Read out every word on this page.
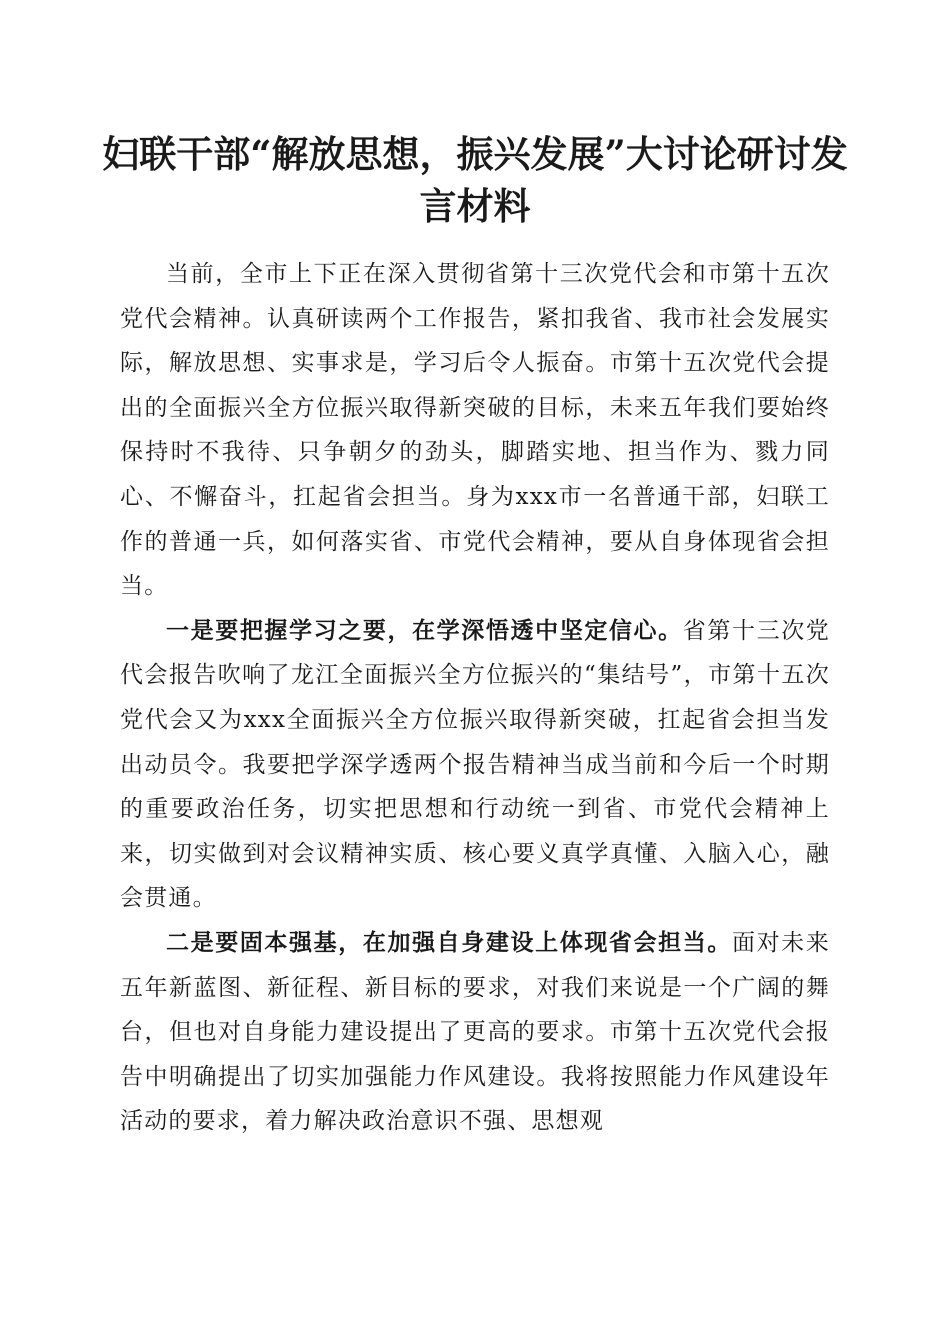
妇联干部“解放思想，振兴发展”大讨论研讨发言材料

当前，全市上下正在深入贯彻省第十三次党代会和市第十五次党代会精神。认真研读两个工作报告，紧扣我省、我市社会发展实际，解放思想、实事求是，学习后令人振奋。市第十五次党代会提出的全面振兴全方位振兴取得新突破的目标，未来五年我们要始终保持时不我待、只争朝夕的劲头，脚踏实地、担当作为、戮力同心、不懈奋斗，扛起省会担当。身为xxx市一名普通干部，妇联工作的普通一兵，如何落实省、市党代会精神，要从自身体现省会担当。

一是要把握学习之要，在学深悟透中坚定信心。省第十三次党代会报告吹响了龙江全面振兴全方位振兴的“集结号”，市第十五次党代会又为xxx全面振兴全方位振兴取得新突破，扛起省会担当发出动员令。我要把学深学透两个报告精神当成当前和今后一个时期的重要政治任务，切实把思想和行动统一到省、市党代会精神上来，切实做到对会议精神实质、核心要义真学真懂、入脑入心，融会贯通。

二是要固本强基，在加强自身建设上体现省会担当。面对未来五年新蓝图、新征程、新目标的要求，对我们来说是一个广阔的舞台，但也对自身能力建设提出了更高的要求。市第十五次党代会报告中明确提出了切实加强能力作风建设。我将按照能力作风建设年活动的要求，着力解决政治意识不强、思想观
